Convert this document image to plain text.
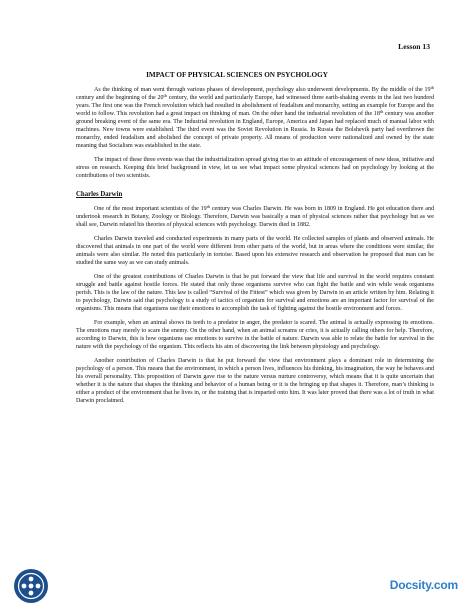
Lesson 13
IMPACT OF PHYSICAL SCIENCES ON PSYCHOLOGY

As the thinking of man went through various phases of development, psychology also underwent developments. By the middle of the 19th century and the beginning of the 20th century, the world and particularly Europe, had witnessed three earth-shaking events in the last two hundred years. The first one was the French revolution which had resulted in abolishment of feudalism and monarchy, setting an example for Europe and the world to follow. This revolution had a great impact on thinking of man. On the other hand the industrial revolution of the 18th century was another ground breaking event of the same era. The Industrial revolution in England, Europe, America and Japan had replaced much of manual labor with machines. New towns were established. The third event was the Soviet Revolution in Russia. In Russia the Bolshevik party had overthrown the monarchy, ended feudalism and abolished the concept of private property. All means of production were nationalized and owned by the state meaning that Socialism was established in the state.

The impact of these three events was that the industrialization spread giving rise to an attitude of encouragement of new ideas, initiative and stress on research. Keeping this brief background in view, let us see what impact some physical sciences had on psychology by looking at the contributions of two scientists.

Charles Darwin

One of the most important scientists of the 19th century was Charles Darwin. He was born in 1809 in England. He got education there and undertook research in Botany, Zoology or Biology. Therefore, Darwin was basically a man of physical sciences rather that psychology but as we shall see, Darwin related his theories of physical sciences with psychology. Darwin died in 1882.

Charles Darwin traveled and conducted experiments in many parts of the world. He collected samples of plants and observed animals. He discovered that animals in one part of the world were different from other parts of the world, but in areas where the conditions were similar, the animals were also similar. He noted this particularly in tortoise. Based upon his extensive research and observation he proposed that man can be studied the same way as we can study animals.

One of the greatest contributions of Charles Darwin is that he put forward the view that life and survival in the world requires constant struggle and battle against hostile forces. He stated that only those organisms survive who can fight the battle and win while weak organisms perish. This is the law of the nature. This law is called “Survival of the Fittest” which was given by Darwin in an article written by him. Relating it to psychology, Darwin said that psychology is a study of tactics of organism for survival and emotions are an important factor for survival of the organisms. This means that organisms use their emotions to accomplish the task of fighting against the hostile environment and forces.

For example, when an animal shows its teeth to a predator in anger, the predator is scared. The animal is actually expressing its emotions. The emotions may merely to scare the enemy. On the other hand, when an animal screams or cries, it is actually calling others for help. Therefore, according to Darwin, this is how organisms use emotions to survive in the battle of nature. Darwin was able to relate the battle for survival in the nature with the psychology of the organism. This reflects his aim of discovering the link between physiology and psychology.

Another contribution of Charles Darwin is that he put forward the view that environment plays a dominant role in determining the psychology of a person. This means that the environment, in which a person lives, influences his thinking, his imagination, the way he behaves and his overall personality. This proposition of Darwin gave rise to the nature versus nurture controversy, which means that it is quite uncertain that whether it is the nature that shapes the thinking and behavior of a human being or it is the bringing up that shapes it. Therefore, man’s thinking is either a product of the environment that he lives in, or the training that is imparted onto him. It was later proved that there was a lot of truth in what Darwin proclaimed.

Docsity.com
